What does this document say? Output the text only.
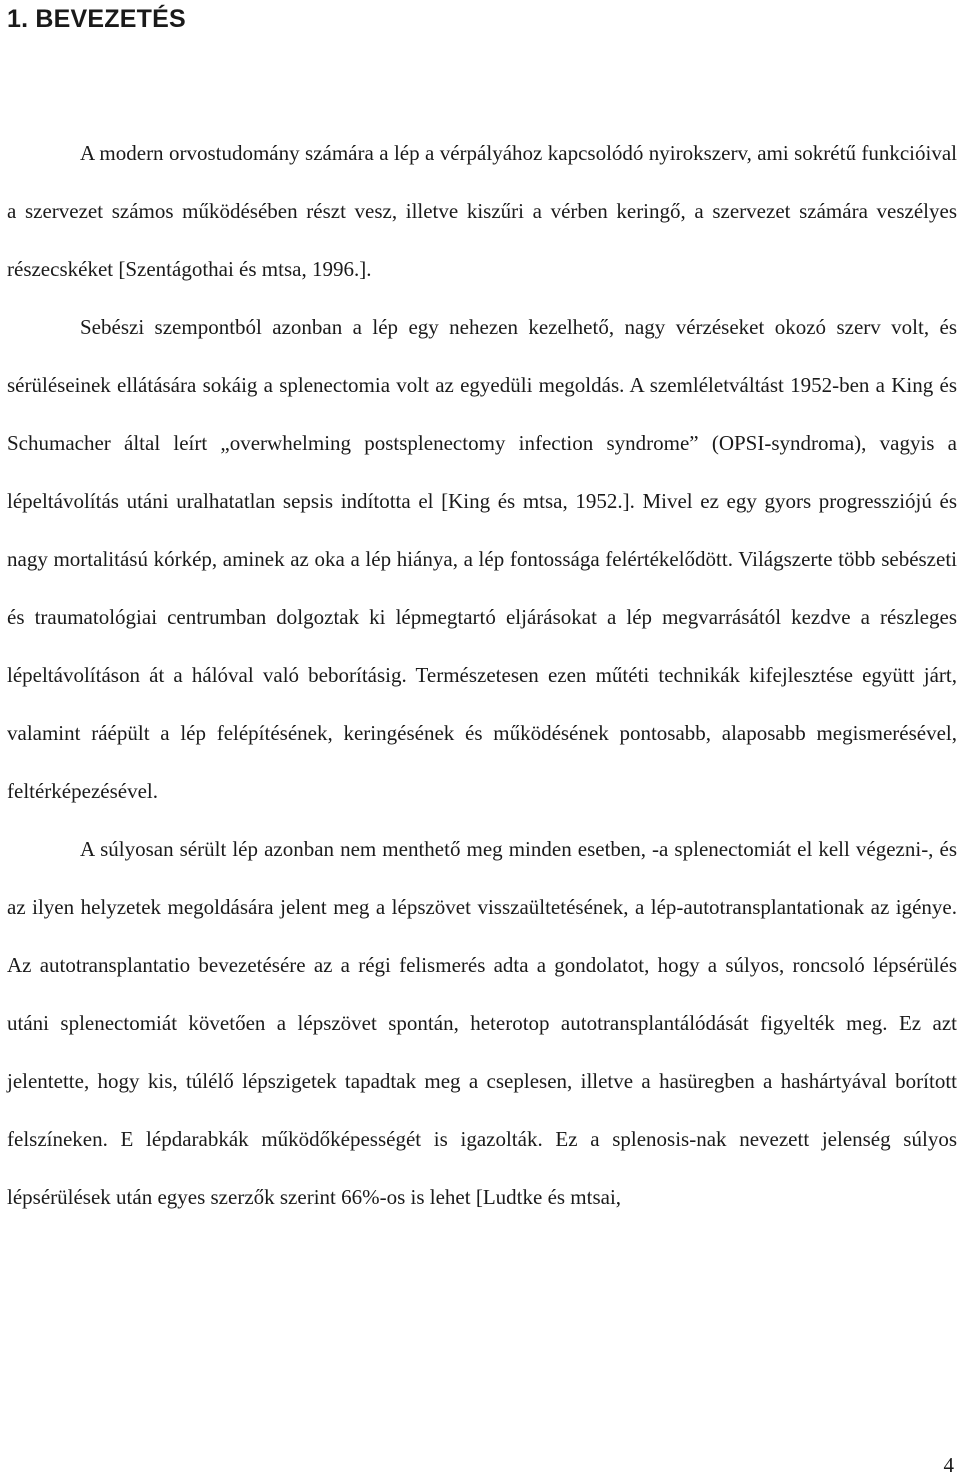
1. BEVEZETÉS

A modern orvostudomány számára a lép a vérpályához kapcsolódó nyirokszerv, ami sokrétű funkcióival a szervezet számos működésében részt vesz, illetve kiszűri a vérben keringő, a szervezet számára veszélyes részecskéket [Szentágothai és mtsa, 1996.].

Sebészi szempontból azonban a lép egy nehezen kezelhető, nagy vérzéseket okozó szerv volt, és sérüléseinek ellátására sokáig a splenectomia volt az egyedüli megoldás. A szemléletváltást 1952-ben a King és Schumacher által leírt „overwhelming postsplenectomy infection syndrome” (OPSI-syndroma), vagyis a lépeltávolítás utáni uralhatatlan sepsis indította el [King és mtsa, 1952.]. Mivel ez egy gyors progressziójú és nagy mortalitású kórkép, aminek az oka a lép hiánya, a lép fontossága felértékelődött. Világszerte több sebészeti és traumatológiai centrumban dolgoztak ki lépmegtartó eljárásokat a lép megvarrásától kezdve a részleges lépeltávolításon át a hálóval való beborításig. Természetesen ezen műtéti technikák kifejlesztése együtt járt, valamint ráépült a lép felépítésének, keringésének és működésének pontosabb, alaposabb megismerésével, feltérképezésével.

A súlyosan sérült lép azonban nem menthető meg minden esetben, -a splenectomiát el kell végezni-, és az ilyen helyzetek megoldására jelent meg a lépszövet visszaültetésének, a lép-autotransplantationak az igénye. Az autotransplantatio bevezetésére az a régi felismerés adta a gondolatot, hogy a súlyos, roncsoló lépsérülés utáni splenectomiát követően a lépszövet spontán, heterotop autotransplantálódását figyelték meg. Ez azt jelentette, hogy kis, túlélő lépszigetek tapadtak meg a cseplesen, illetve a hasüregben a hashártyával borított felszíneken. E lépdarabkák működőképességét is igazolták. Ez a splenosis-nak nevezett jelenség súlyos lépsérülések után egyes szerzők szerint 66%-os is lehet [Ludtke és mtsai,

4
